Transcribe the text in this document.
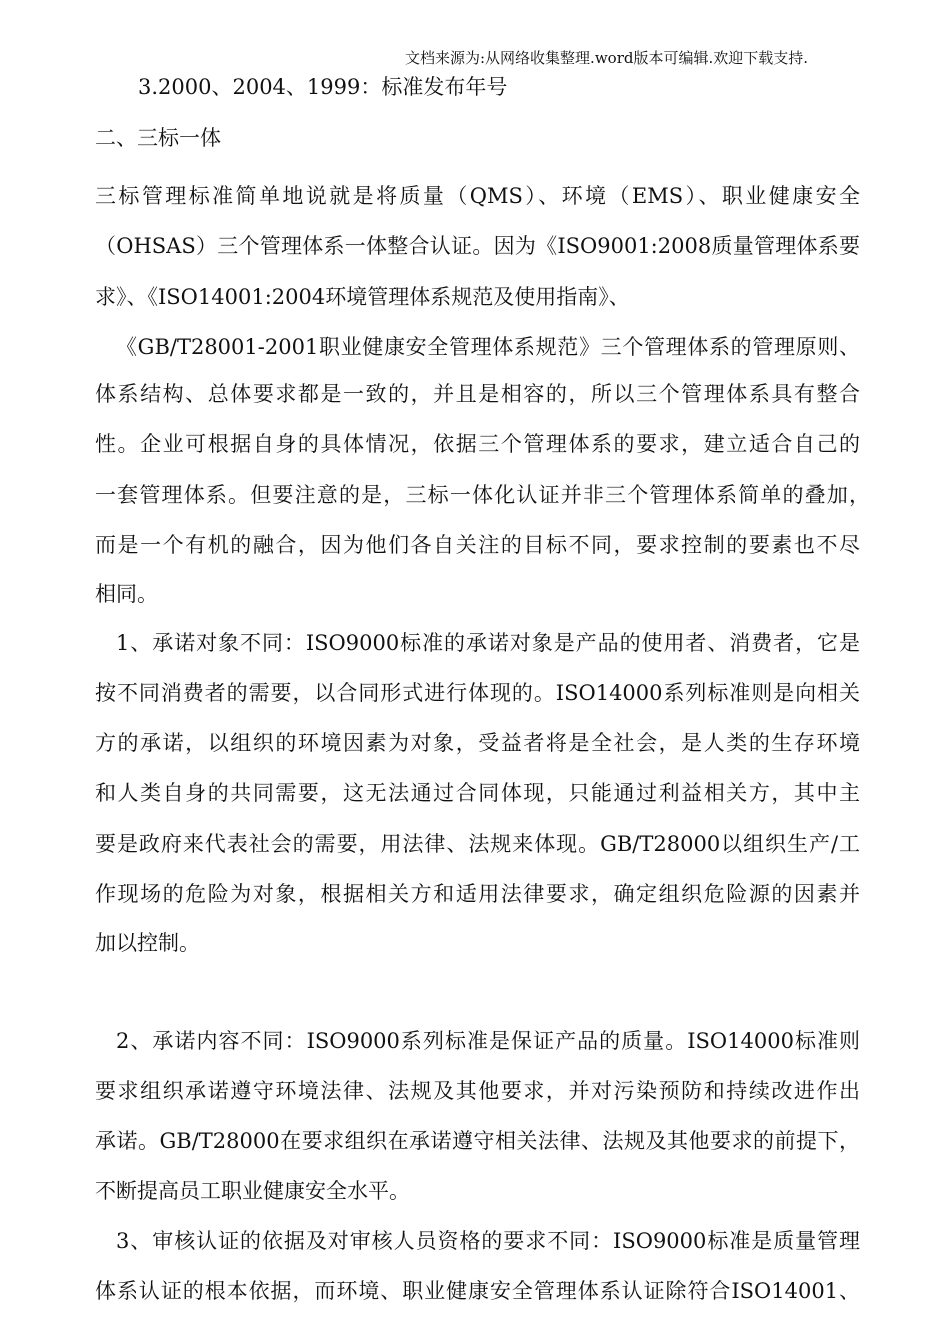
文档来源为:从网络收集整理.word版本可编辑.欢迎下载支持.
3.2000、2004、1999：标准发布年号
二、三标一体
三标管理标准简单地说就是将质量（QMS）、环境（EMS）、职业健康安全
（OHSAS）三个管理体系一体整合认证。因为《ISO9001:2008质量管理体系要
求》、《ISO14001:2004环境管理体系规范及使用指南》、
《GB/T28001-2001职业健康安全管理体系规范》三个管理体系的管理原则、
体系结构、总体要求都是一致的，并且是相容的，所以三个管理体系具有整合
性。企业可根据自身的具体情况，依据三个管理体系的要求，建立适合自己的
一套管理体系。但要注意的是，三标一体化认证并非三个管理体系简单的叠加，
而是一个有机的融合，因为他们各自关注的目标不同，要求控制的要素也不尽
相同。
1、承诺对象不同：ISO9000标准的承诺对象是产品的使用者、消费者，它是
按不同消费者的需要，以合同形式进行体现的。ISO14000系列标准则是向相关
方的承诺，以组织的环境因素为对象，受益者将是全社会，是人类的生存环境
和人类自身的共同需要，这无法通过合同体现，只能通过利益相关方，其中主
要是政府来代表社会的需要，用法律、法规来体现。GB/T28000以组织生产/工
作现场的危险为对象，根据相关方和适用法律要求，确定组织危险源的因素并
加以控制。
2、承诺内容不同：ISO9000系列标准是保证产品的质量。ISO14000标准则
要求组织承诺遵守环境法律、法规及其他要求，并对污染预防和持续改进作出
承诺。GB/T28000在要求组织在承诺遵守相关法律、法规及其他要求的前提下，
不断提高员工职业健康安全水平。
3、审核认证的依据及对审核人员资格的要求不同：ISO9000标准是质量管理
体系认证的根本依据，而环境、职业健康安全管理体系认证除符合ISO14001、
